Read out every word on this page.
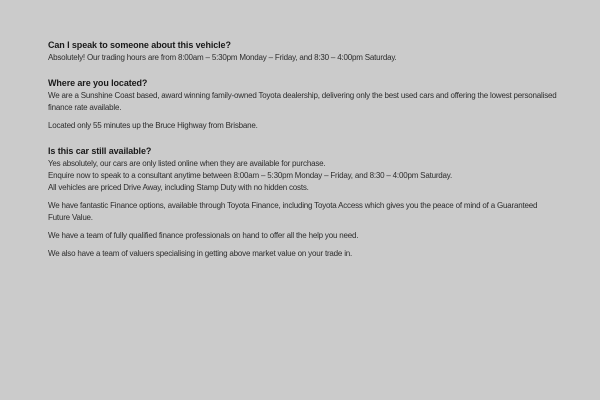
Can I speak to someone about this vehicle?

Absolutely! Our trading hours are from 8:00am – 5:30pm Monday – Friday, and 8:30 – 4:00pm Saturday.

Where are you located?

We are a Sunshine Coast based, award winning family-owned Toyota dealership, delivering only the best used cars and offering the lowest personalised finance rate available.

Located only 55 minutes up the Bruce Highway from Brisbane.

Is this car still available?

Yes absolutely, our cars are only listed online when they are available for purchase.

Enquire now to speak to a consultant anytime between 8:00am – 5:30pm Monday – Friday, and 8:30 – 4:00pm Saturday.

All vehicles are priced Drive Away, including Stamp Duty with no hidden costs.

We have fantastic Finance options, available through Toyota Finance, including Toyota Access which gives you the peace of mind of a Guaranteed Future Value.

We have a team of fully qualified finance professionals on hand to offer all the help you need.

We also have a team of valuers specialising in getting above market value on your trade in.
